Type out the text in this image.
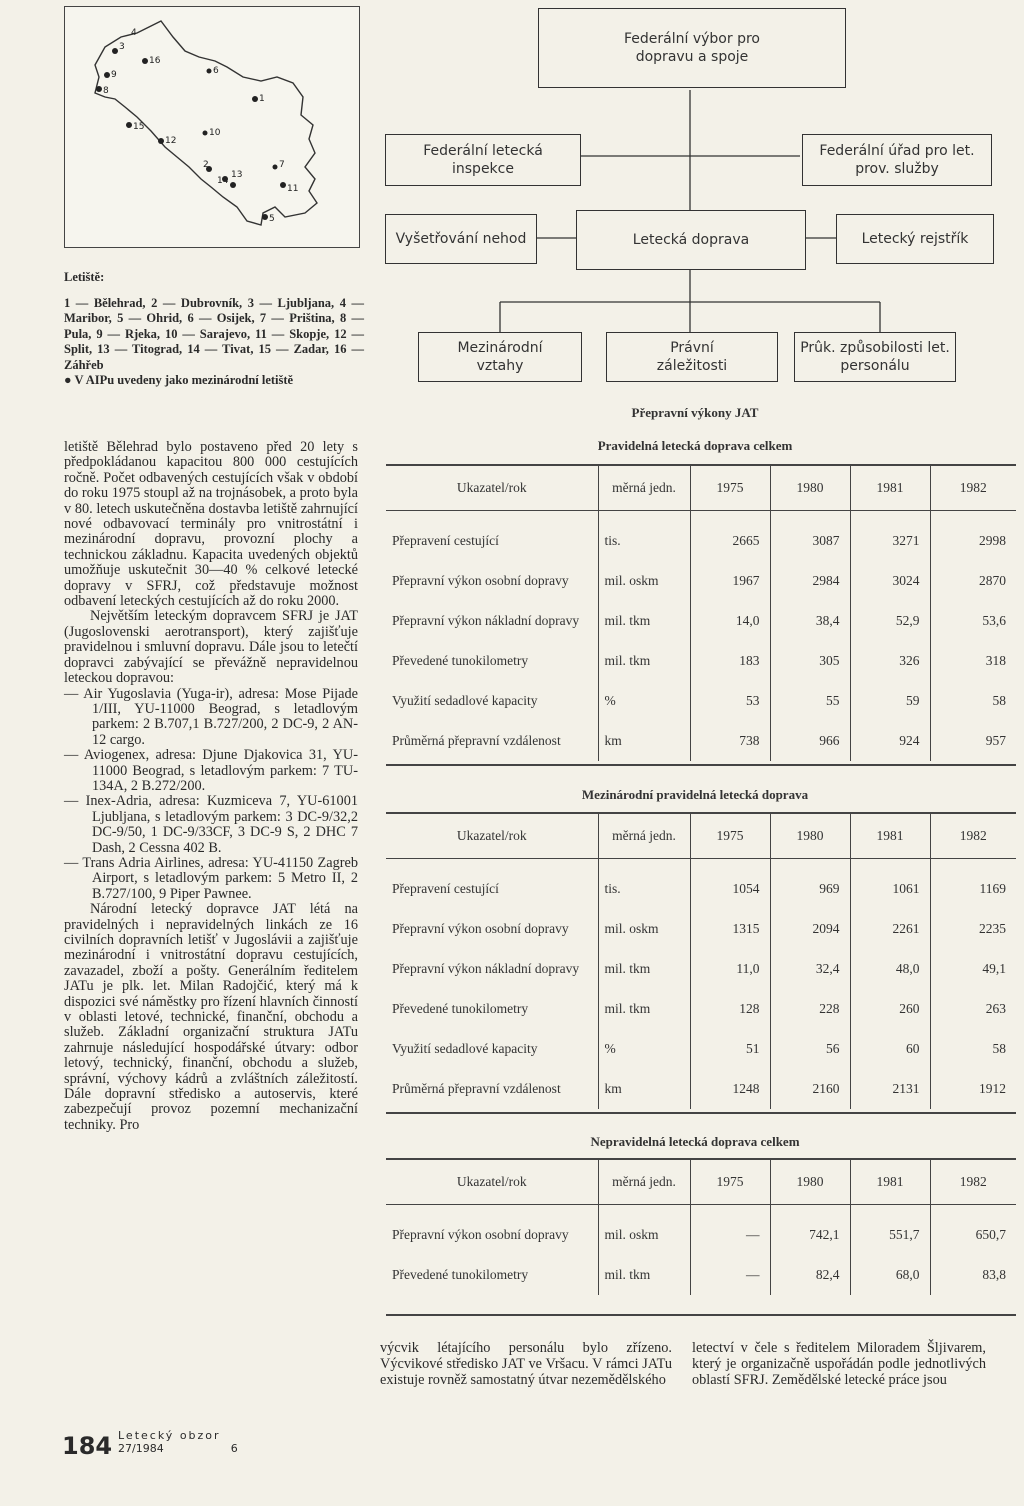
3
4
16
6
9
1
8
15
12
10
2
14
13
7
11
5

Letiště:

1 — Bělehrad, 2 — Dubrovník, 3 — Ljubljana, 4 — Maribor, 5 — Ohrid, 6 — Osijek, 7 — Priština, 8 — Pula, 9 — Rjeka, 10 — Sarajevo, 11 — Skopje, 12 — Split, 13 — Titograd, 14 — Tivat, 15 — Zadar, 16 — Záhřeb

● V AIPu uvedeny jako mezinárodní letiště

letiště Bělehrad bylo postaveno před 20 lety s předpokládanou kapacitou 800 000 cestujících ročně. Počet odbavených cestujících však v období do roku 1975 stoupl až na trojnásobek, a proto byla v 80. letech uskutečněna dostavba letiště zahrnující nové odbavovací terminály pro vnitrostátní i mezinárodní dopravu, provozní plochy a technickou základnu. Kapacita uvedených objektů umožňuje uskutečnit 30—40 % celkové letecké dopravy v SFRJ, což představuje možnost odbavení leteckých cestujících až do roku 2000.

Největším leteckým dopravcem SFRJ je JAT (Jugoslovenski aerotransport), který zajišťuje pravidelnou i smluvní dopravu. Dále jsou to letečtí dopravci zabývající se převážně nepravidelnou leteckou dopravou:

— Air Yugoslavia (Yuga-ir), adresa: Mose Pijade 1/III, YU-11000 Beograd, s letadlovým parkem: 2 B.707,1 B.727/200, 2 DC-9, 2 AN-12 cargo.

— Aviogenex, adresa: Djune Djakovica 31, YU-11000 Beograd, s letadlovým parkem: 7 TU-134A, 2 B.272/200.

— Inex-Adria, adresa: Kuzmiceva 7, YU-61001 Ljubljana, s letadlovým parkem: 3 DC-9/32,2 DC-9/50, 1 DC-9/33CF, 3 DC-9 S, 2 DHC 7 Dash, 2 Cessna 402 B.

— Trans Adria Airlines, adresa: YU-41150 Zagreb Airport, s letadlovým parkem: 5 Metro II, 2 B.727/100, 9 Piper Pawnee.

Národní letecký dopravce JAT létá na pravidelných i nepravidelných linkách ze 16 civilních dopravních letišť v Jugoslávii a zajišťuje mezinárodní i vnitrostátní dopravu cestujících, zavazadel, zboží a pošty. Generálním ředitelem JATu je plk. let. Milan Radojčić, který má k dispozici své náměstky pro řízení hlavních činností v oblasti letové, technické, finanční, obchodu a služeb. Základní organizační struktura JATu zahrnuje následující hospodářské útvary: odbor letový, technický, finanční, obchodu a služeb, správní, výchovy kádrů a zvláštních záležitostí. Dále dopravní středisko a autoservis, které zabezpečují provoz pozemní mechanizační techniky. Pro

Federální výbor pro dopravu a spoje
Federální letecká inspekce
Federální úřad pro let. prov. služby
Vyšetřování nehod	Letecká doprava	Letecký rejstřík
Mezinárodní vztahy
Právní záležitosti
Prûk. způsobilosti let. personálu
Přepravní výkony JAT
Pravidelná letecká doprava celkem
Mezinárodní pravidelná letecká doprava
Nepravidelná letecká doprava celkem
Ukazatel/rok	měrná jedn.	1975	1980	1981	1982
Přepravení cestující	tis.	2665	3087	3271	2998
Přepravní výkon osobní dopravy	mil. oskm	1967	2984	3024	2870
Přepravní výkon nákladní dopravy	mil. tkm	14,0	38,4	52,9	53,6
Převedené tunokilometry	mil. tkm	183	305	326	318
Využití sedadlové kapacity	%	53	55	59	58
Průměrná přepravní vzdálenost	km	738	966	924	957
Ukazatel/rok	měrná jedn.	1975	1980	1981	1982
Přepravení cestující	tis.	1054	969	1061	1169
Přepravní výkon osobní dopravy	mil. oskm	1315	2094	2261	2235
Přepravní výkon nákladní dopravy	mil. tkm	11,0	32,4	48,0	49,1
Převedené tunokilometry	mil. tkm	128	228	260	263
Využití sedadlové kapacity	%	51	56	60	58
Průměrná přepravní vzdálenost	km	1248	2160	2131	1912
Ukazatel/rok	měrná jedn.	1975	1980	1981	1982
Přepravní výkon osobní dopravy	mil. oskm	—	742,1	551,7	650,7
Převedené tunokilometry	mil. tkm	—	82,4	68,0	83,8
výcvik létajícího personálu bylo zřízeno. Výcvikové středisko JAT ve Vršacu. V rámci JATu existuje rovněž samostatný útvar nezemědělského
letectví v čele s ředitelem Miloradem Šljivarem, který je organizačně uspořádán podle jednotlivých oblastí SFRJ. Zemědělské letecké práce jsou
184 Letecký obzor
27/1984	6
